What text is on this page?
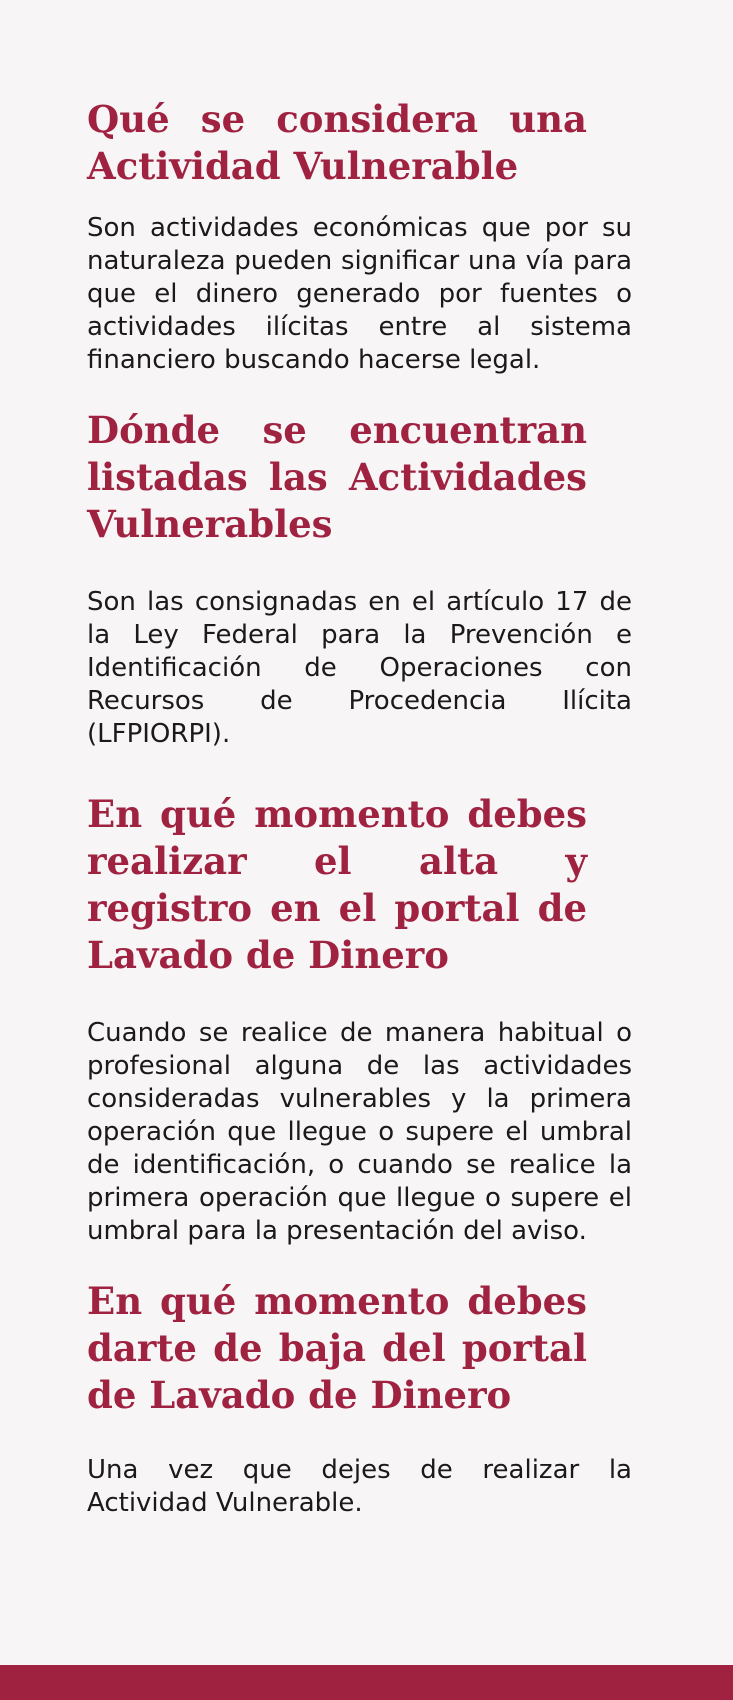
Qué se considera una Actividad Vulnerable

Son actividades económicas que por su naturaleza pueden significar una vía para que el dinero generado por fuentes o actividades ilícitas entre al sistema financiero buscando hacerse legal.

Dónde se encuentran listadas las Actividades Vulnerables

Son las consignadas en el artículo 17 de la Ley Federal para la Prevención e Identificación de Operaciones con Recursos de Procedencia Ilícita (LFPIORPI).

En qué momento debes realizar el alta y registro en el portal de Lavado de Dinero

Cuando se realice de manera habitual o profesional alguna de las actividades consideradas vulnerables y la primera operación que llegue o supere el umbral de identificación, o cuando se realice la primera operación que llegue o supere el umbral para la presentación del aviso.

En qué momento debes darte de baja del portal de Lavado de Dinero

Una vez que dejes de realizar la Actividad Vulnerable.
